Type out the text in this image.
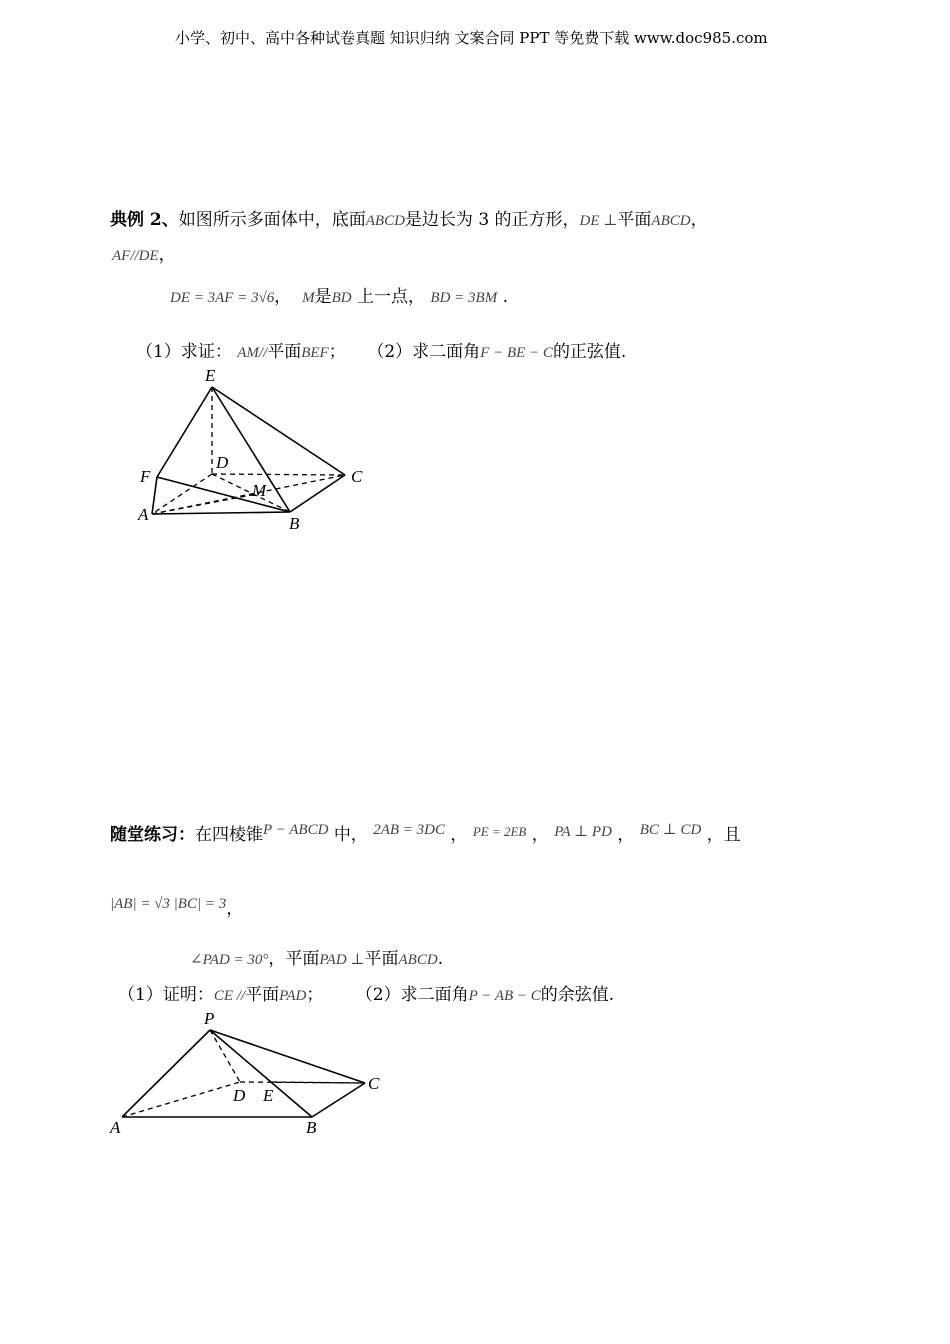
小学、初中、高中各种试卷真题 知识归纳 文案合同 PPT 等免费下载 www.doc985.com
典例 2、如图所示多面体中，底面ABCD是边长为 3 的正方形，DE ⊥平面ABCD，
AF//DE，
DE = 3AF = 3√6， M是BD 上一点， BD = 3BM .
（1）求证： AM//平面BEF； （2）求二面角F − BE − C的正弦值.
E
D
C
F
M
A	B
随堂练习：在四棱锥P − ABCD 中， 2AB = 3DC ， $^{PE = 2EB}$ ， PA ⊥ PD ， BC ⊥ CD ，且
|AB| = √3 |BC| = 3，
∠PAD = 30°，平面PAD ⊥平面ABCD.
（1）证明：CE //平面PAD； （2）求二面角P − AB − C的余弦值.
P
D E
C
A	B
